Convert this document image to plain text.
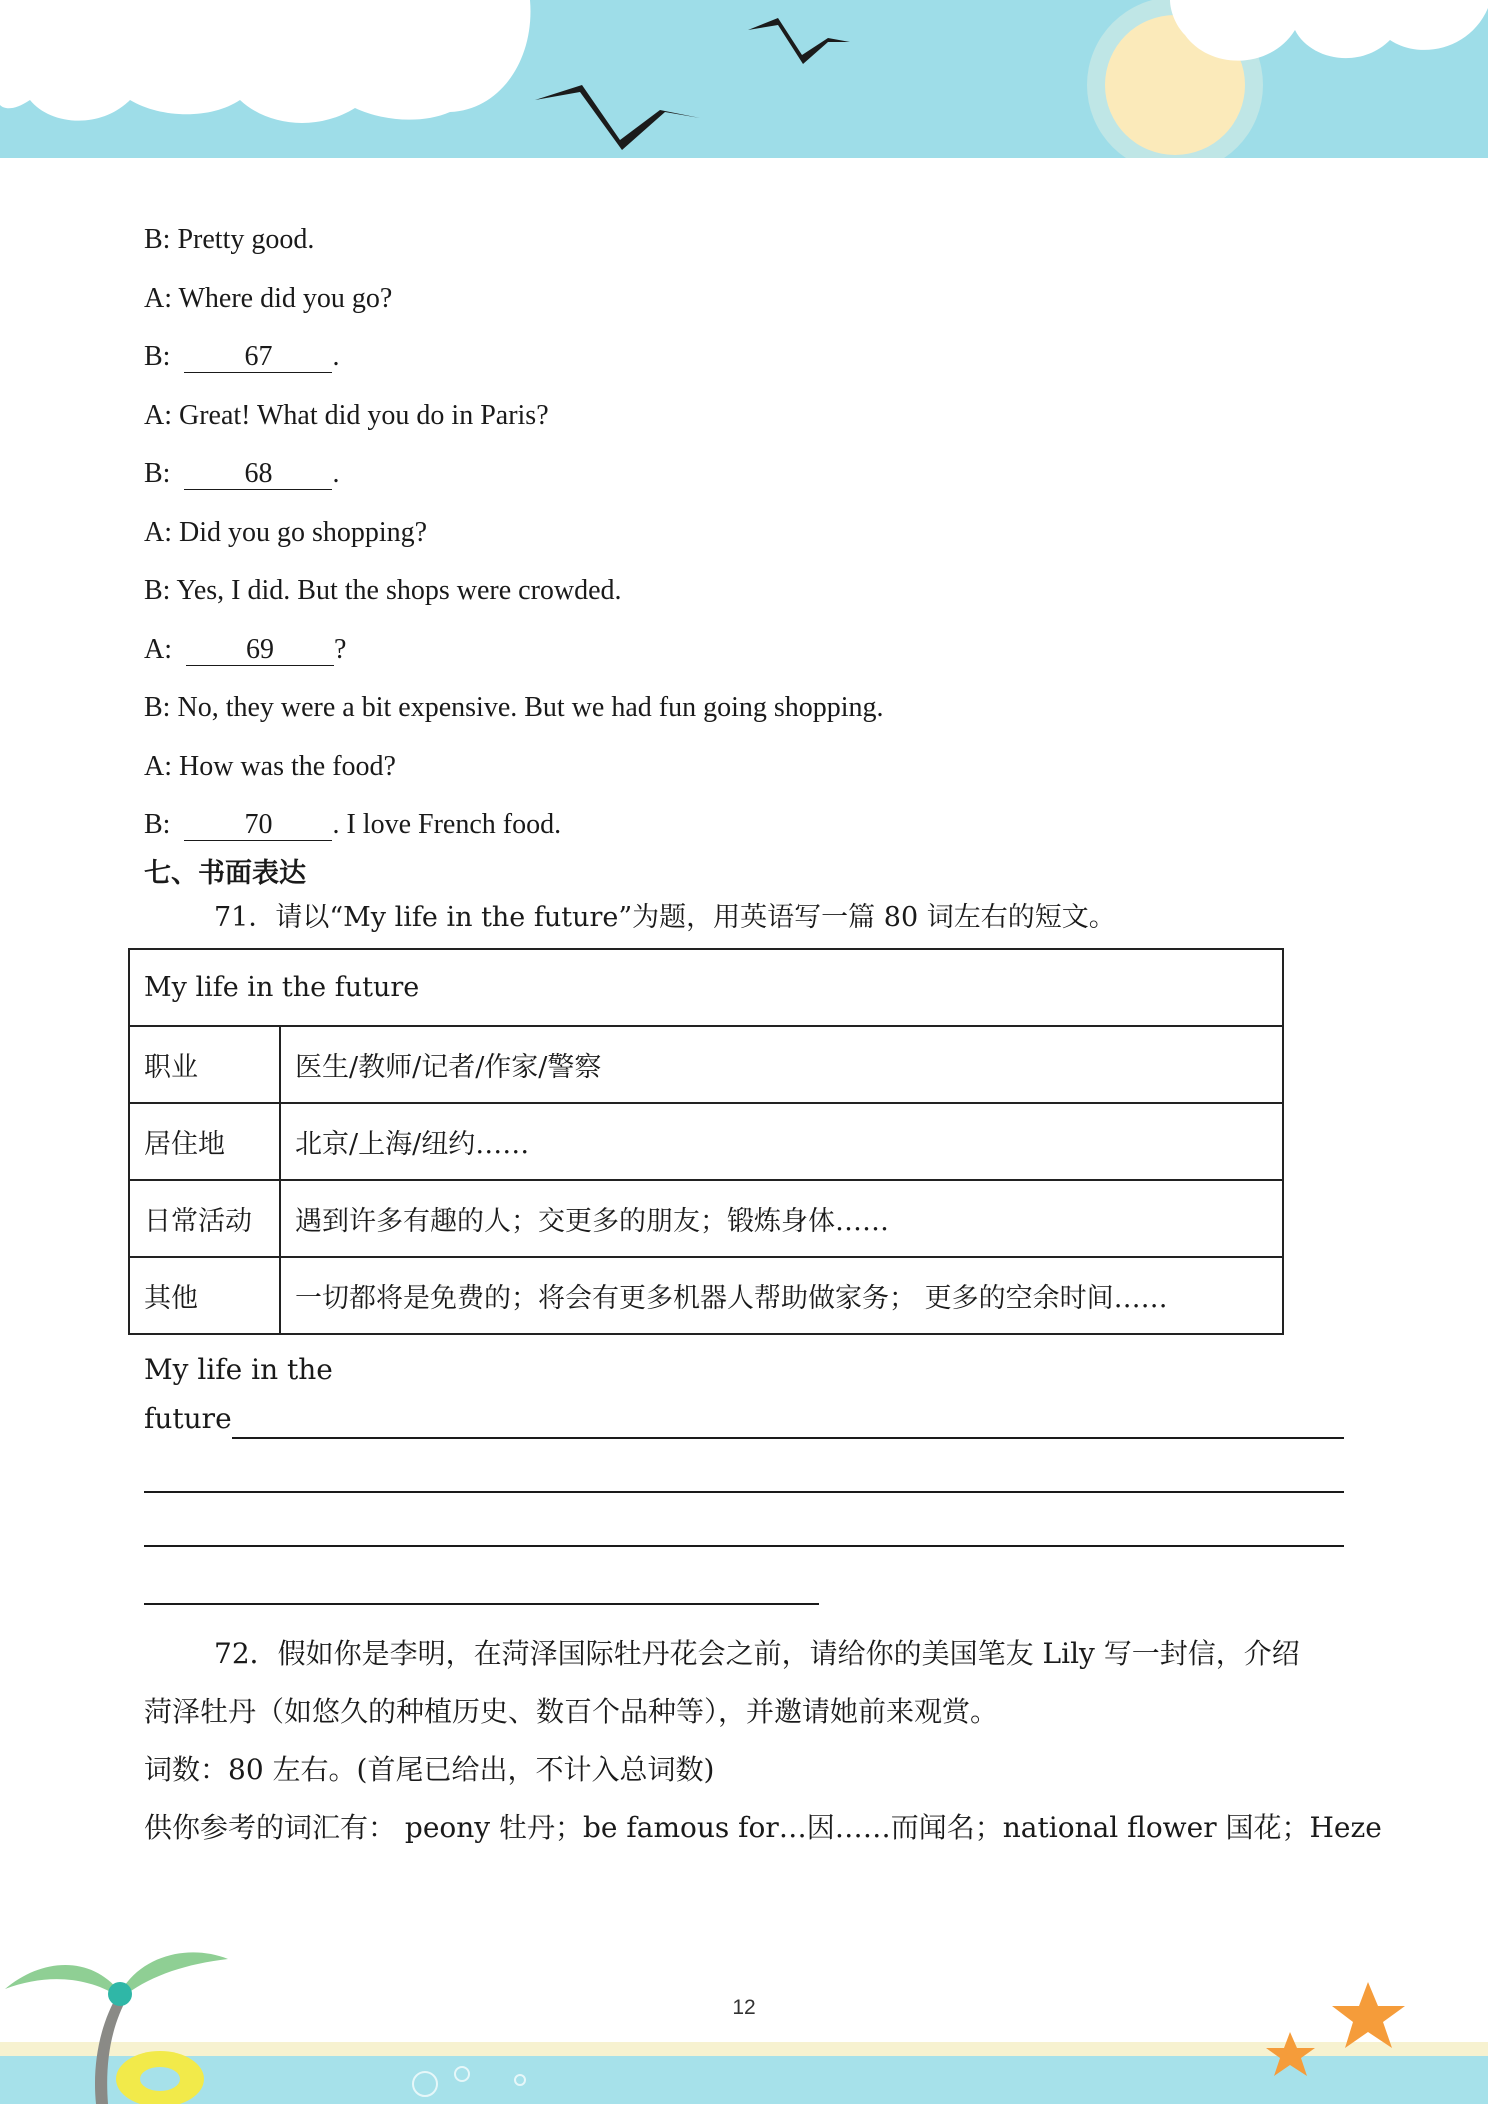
B: Pretty good.
A: Where did you go?
B:	67 .
A: Great! What did you do in Paris?
B:	68 .
A: Did you go shopping?
B: Yes, I did. But the shops were crowded.
A:	69 ?
B: No, they were a bit expensive. But we had fun going shopping.
A: How was the food?
B:	70 . I love French food.
七、书面表达
71．请以“My life in the future”为题，用英语写一篇 80 词左右的短文。
My life in the future	
职业	医生/教师/记者/作家/警察
居住地	北京/上海/纽约……
日常活动	遇到许多有趣的人；交更多的朋友；锻炼身体……
其他	一切都将是免费的；将会有更多机器人帮助做家务； 更多的空余时间……
My life in the
future
72．假如你是李明，在菏泽国际牡丹花会之前，请给你的美国笔友 Lily 写一封信，介绍
菏泽牡丹（如悠久的种植历史、数百个品种等），并邀请她前来观赏。
词数：80 左右。(首尾已给出，不计入总词数)
供你参考的词汇有： peony 牡丹；be famous for…因……而闻名；national flower 国花；Heze
12
